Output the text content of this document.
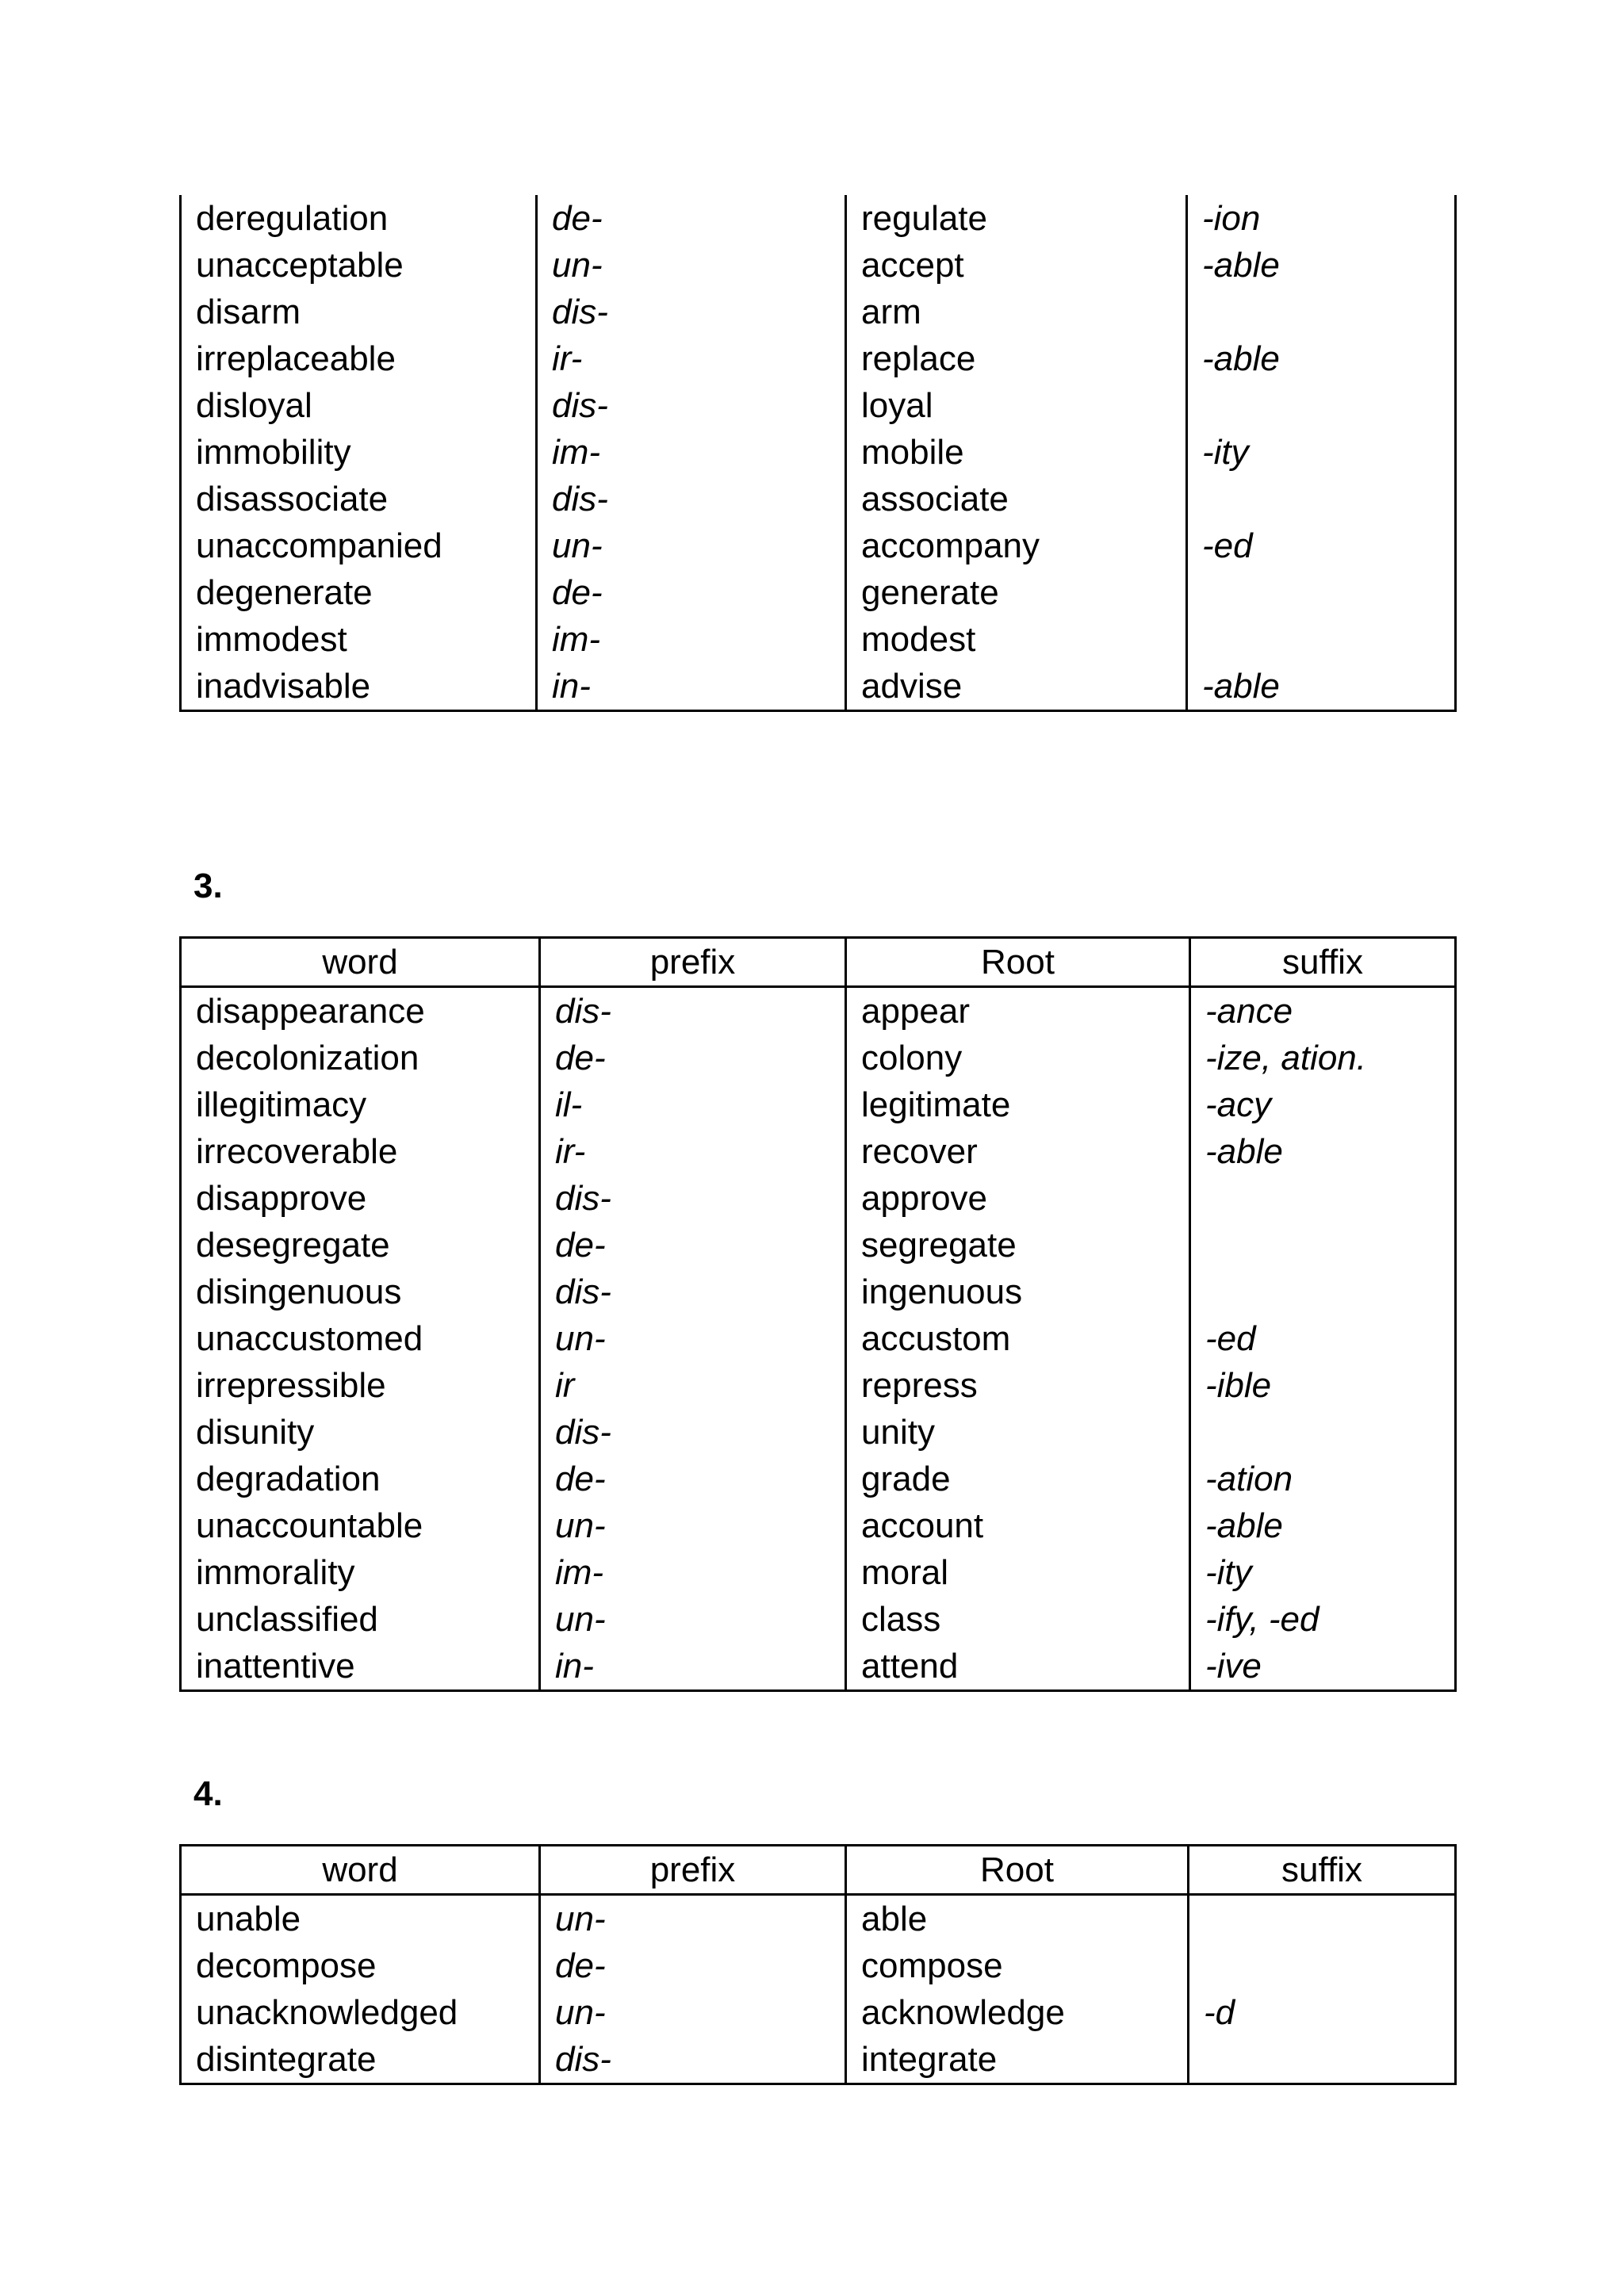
deregulation	de-	regulate	-ion
unacceptable	un-	accept	-able
disarm	dis-	arm	
irreplaceable	ir-	replace	-able
disloyal	dis-	loyal	
immobility	im-	mobile	-ity
disassociate	dis-	associate	
unaccompanied	un-	accompany	-ed
degenerate	de-	generate	
immodest	im-	modest	
inadvisable	in-	advise	-able
3.
word	prefix	Root	suffix
disappearance	dis-	appear	-ance
decolonization	de-	colony	-ize, ation.
illegitimacy	il-	legitimate	-acy
irrecoverable	ir-	recover	-able
disapprove	dis-	approve	
desegregate	de-	segregate	
disingenuous	dis-	ingenuous	
unaccustomed	un-	accustom	-ed
irrepressible	ir	repress	-ible
disunity	dis-	unity	
degradation	de-	grade	-ation
unaccountable	un-	account	-able
immorality	im-	moral	-ity
unclassified	un-	class	-ify, -ed
inattentive	in-	attend	-ive
4.
word	prefix	Root	suffix
unable	un-	able	
decompose	de-	compose	
unacknowledged	un-	acknowledge	-d
disintegrate	dis-	integrate	
